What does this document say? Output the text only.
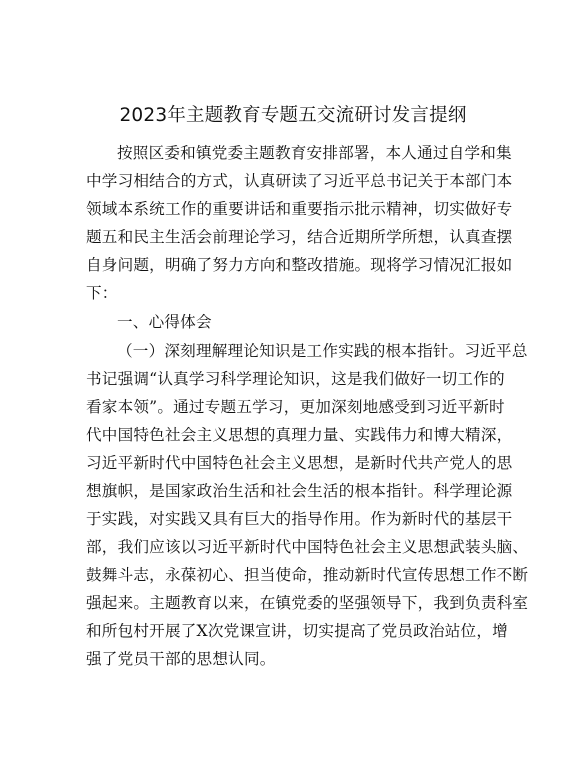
2023年主题教育专题五交流研讨发言提纲
按照区委和镇党委主题教育安排部署，本人通过自学和集
中学习相结合的方式，认真研读了习近平总书记关于本部门本
领域本系统工作的重要讲话和重要指示批示精神，切实做好专
题五和民主生活会前理论学习，结合近期所学所想，认真查摆
自身问题，明确了努力方向和整改措施。现将学习情况汇报如
下：
一、心得体会
（一）深刻理解理论知识是工作实践的根本指针。习近平总
书记强调“认真学习科学理论知识，这是我们做好一切工作的
看家本领”。通过专题五学习，更加深刻地感受到习近平新时
代中国特色社会主义思想的真理力量、实践伟力和博大精深，
习近平新时代中国特色社会主义思想，是新时代共产党人的思
想旗帜，是国家政治生活和社会生活的根本指针。科学理论源
于实践，对实践又具有巨大的指导作用。作为新时代的基层干
部，我们应该以习近平新时代中国特色社会主义思想武装头脑、
鼓舞斗志，永葆初心、担当使命，推动新时代宣传思想工作不断
强起来。主题教育以来，在镇党委的坚强领导下，我到负责科室
和所包村开展了X次党课宣讲，切实提高了党员政治站位，增
强了党员干部的思想认同。
